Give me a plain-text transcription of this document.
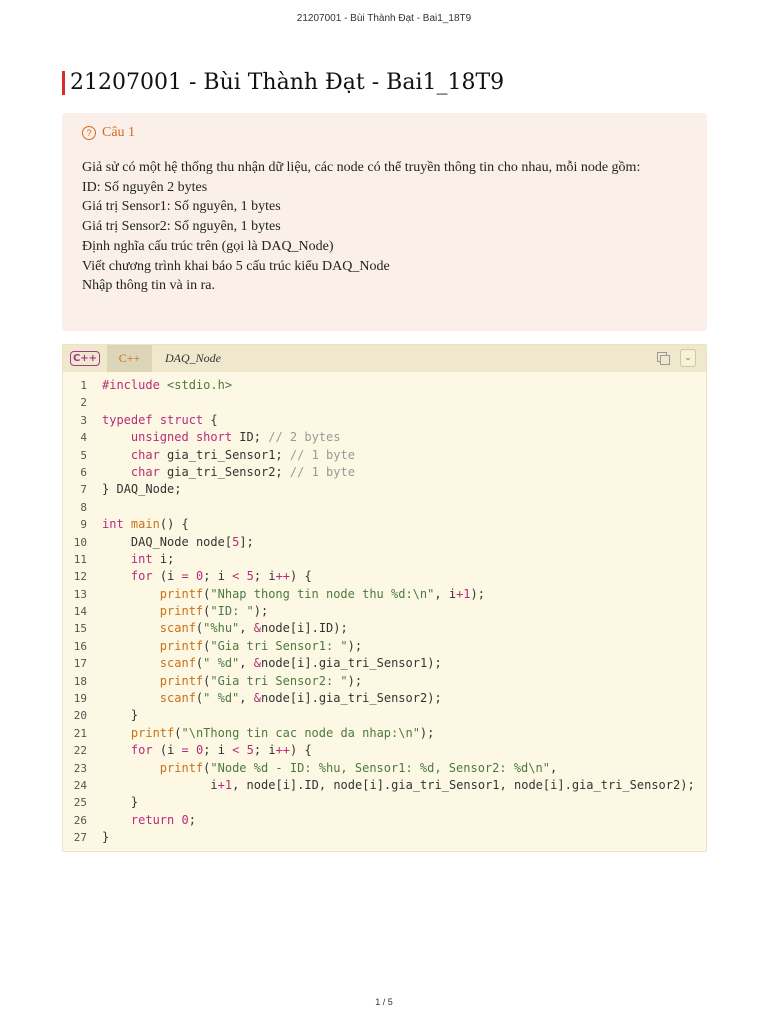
21207001 - Bùi Thành Đạt - Bai1_18T9
21207001 - Bùi Thành Đạt - Bai1_18T9
? Câu 1
Giả sử có một hệ thống thu nhận dữ liệu, các node có thể truyền thông tin cho nhau, mỗi node gồm:
ID: Số nguyên 2 bytes
Giá trị Sensor1: Số nguyên, 1 bytes
Giá trị Sensor2: Số nguyên, 1 bytes
Định nghĩa cấu trúc trên (gọi là DAQ_Node)
Viết chương trình khai báo 5 cấu trúc kiểu DAQ_Node
Nhập thông tin và in ra.
C++	C++	DAQ_Node	⌄
1 #include <stdio.h>
2
3 typedef struct {
4	unsigned short ID; // 2 bytes
5	char gia_tri_Sensor1; // 1 byte
6	char gia_tri_Sensor2; // 1 byte
7 } DAQ_Node;
8
9 int main() {
10	DAQ_Node node[5];
11	int i;
12	for (i = 0; i < 5; i++) {
13	printf("Nhap thong tin node thu %d:\n", i+1);
14	printf("ID: ");
15	scanf("%hu", &node[i].ID);
16	printf("Gia tri Sensor1: ");
17	scanf(" %d", &node[i].gia_tri_Sensor1);
18	printf("Gia tri Sensor2: ");
19	scanf(" %d", &node[i].gia_tri_Sensor2);
20	}
21	printf("\nThong tin cac node da nhap:\n");
22	for (i = 0; i < 5; i++) {
23	printf("Node %d - ID: %hu, Sensor1: %d, Sensor2: %d\n",
24	i+1, node[i].ID, node[i].gia_tri_Sensor1, node[i].gia_tri_Sensor2);
25	}
26	return 0;
27 }
1 / 5
